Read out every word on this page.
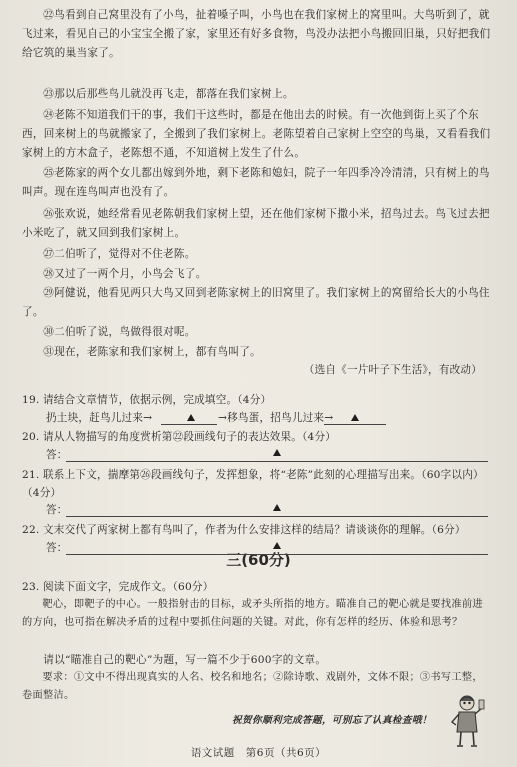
㉒鸟看到自己窝里没有了小鸟，扯着嗓子叫，小鸟也在我们家树上的窝里叫。大鸟听到了，就飞过来，看见自己的小宝宝全搬了家，家里还有好多食物，鸟没办法把小鸟搬回旧巢，只好把我们给它筑的巢当家了。
㉓那以后那些鸟儿就没再飞走，都落在我们家树上。
㉔老陈不知道我们干的事，我们干这些时，都是在他出去的时候。有一次他到街上买了个东西，回来树上的鸟就搬家了，全搬到了我们家树上。老陈望着自己家树上空空的鸟巢，又看看我们家树上的方木盒子，老陈想不通，不知道树上发生了什么。
㉕老陈家的两个女儿都出嫁到外地，剩下老陈和媳妇，院子一年四季冷冷清清，只有树上的鸟叫声。现在连鸟叫声也没有了。
㉖张欢说，她经常看见老陈朝我们家树上望，还在他们家树下撒小米，招鸟过去。鸟飞过去把小米吃了，就又回到我们家树上。
㉗二伯听了，觉得对不住老陈。
㉘又过了一两个月，小鸟会飞了。
㉙阿健说，他看见两只大鸟又回到老陈家树上的旧窝里了。我们家树上的窝留给长大的小鸟住了。
㉚二伯听了说，鸟做得很对呢。
㉛现在，老陈家和我们家树上，都有鸟叫了。
（选自《一片叶子下生活》，有改动）
19. 请结合文章情节，依据示例，完成填空。（4分）
扔土块，赶鸟儿过来→	→移鸟蛋，招鸟儿过来→
20. 请从人物描写的角度赏析第㉒段画线句子的表达效果。（4分）
答：
21. 联系上下文，揣摩第㉖段画线句子，发挥想象，将“老陈”此刻的心理描写出来。（60字以内）（4分）
答：
22. 文末交代了两家树上都有鸟叫了，作者为什么安排这样的结局？请谈谈你的理解。（6分）
三(60分)
23. 阅读下面文字，完成作文。（60分）
靶心，即靶子的中心。一般指射击的目标，或矛头所指的地方。瞄准自己的靶心就是要找准前进的方向，也可指在解决矛盾的过程中要抓住问题的关键。对此，你有怎样的经历、体验和思考？
请以“瞄准自己的靶心”为题，写一篇不少于600字的文章。
要求：①文中不得出现真实的人名、校名和地名；②除诗歌、戏剧外，文体不限；③书写工整，卷面整洁。
祝贺你顺利完成答题，可别忘了认真检查哦！
语文试题　第6页（共6页）
答：
